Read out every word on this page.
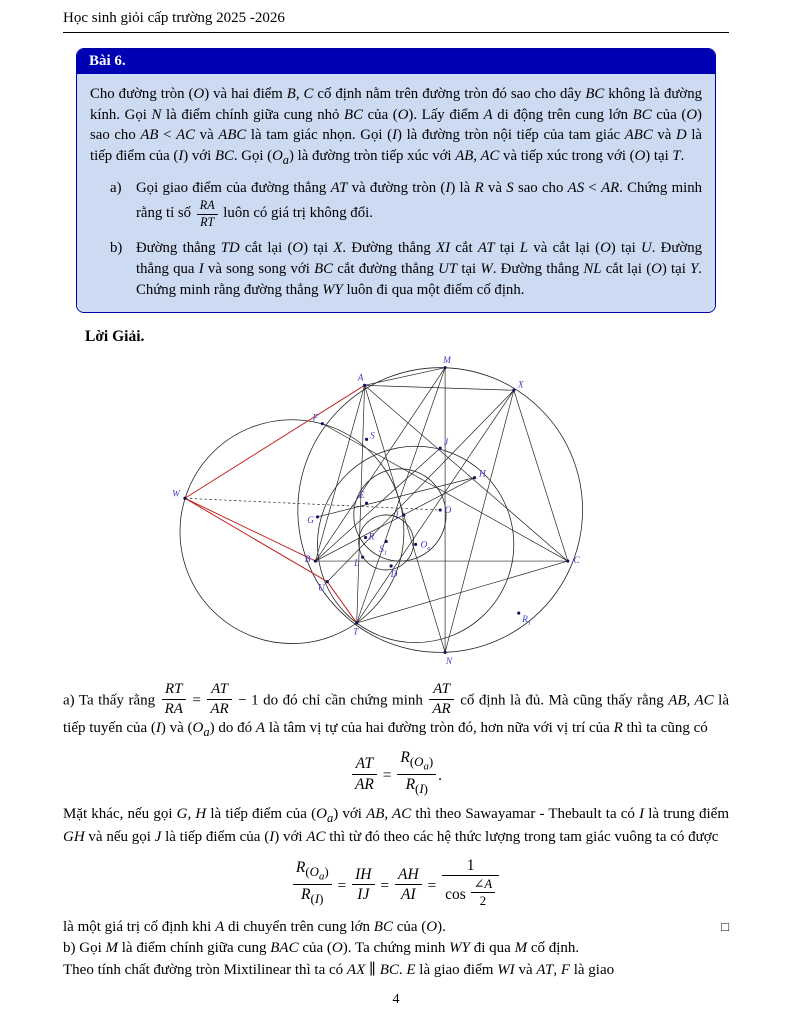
Học sinh giỏi cấp trường 2025 -2026
Bài 6.

Cho đường tròn (O) và hai điểm B, C cố định nằm trên đường tròn đó sao cho dây BC không là đường kính. Gọi N là điểm chính giữa cung nhỏ BC của (O). Lấy điểm A di động trên cung lớn BC của (O) sao cho AB < AC và ABC là tam giác nhọn. Gọi (I) là đường tròn nội tiếp của tam giác ABC và D là tiếp điểm của (I) với BC. Gọi $(O_a)$ là đường tròn tiếp xúc với AB, AC và tiếp xúc trong với (O) tại T.

a) Gọi giao điểm của đường thẳng AT và đường tròn (I) là R và S sao cho AS < AR. Chứng minh rằng tỉ số $\frac{RA}{RT}$ luôn có giá trị không đổi.
b) Đường thẳng TD cắt lại (O) tại X. Đường thẳng XI cắt AT tại L và cắt lại (O) tại U. Đường thẳng qua I và song song với BC cắt đường thẳng UT tại W. Đường thẳng NL cắt lại (O) tại Y. Chứng minh rằng đường thẳng WY luôn đi qua một điểm cố định.
Lời Giải.
M
A
X
F
S
J
H
W	E
O
G	I
R
$S_1$
$O_a$
B	L
D
U
C
T
$R_1$
N

a) Ta thấy rằng $\frac{RT}{RA} = \frac{AT}{AR} - 1$ do đó chỉ cần chứng minh $\frac{AT}{AR}$ cố định là đủ. Mà cũng thấy rằng AB, AC là tiếp tuyến của (I) và $(O_a)$ do đó A là tâm vị tự của hai đường tròn đó, hơn nữa với vị trí của R thì ta cũng có

$\frac{AT}{AR} = \frac{R_{(O_a)}}{R_{(I)}}$ .

Mặt khác, nếu gọi G, H là tiếp điểm của $(O_a)$ với AB, AC thì theo Sawayamar - Thebault ta có I là trung điểm GH và nếu gọi J là tiếp điểm của (I) với AC thì từ đó theo các hệ thức lượng trong tam giác vuông ta có được

$\frac{R_{(O_a)}}{R_{(I)}} = \frac{IH}{IJ} = \frac{AH}{AI} = \frac{1}{\cos \frac{\angle A}{2}}$
là một giá trị cố định khi A di chuyển trên cung lớn BC của (O).	□

b) Gọi M là điểm chính giữa cung BAC của (O). Ta chứng minh WY đi qua M cố định.

Theo tính chất đường tròn Mixtilinear thì ta có AX ∥ BC. E là giao điểm WI và AT, F là giao

4
